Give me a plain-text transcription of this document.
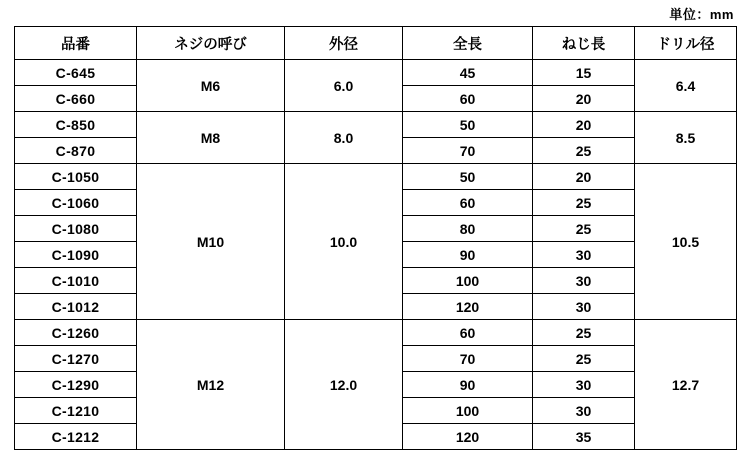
単位：mm
品番	ネジの呼び	外径	全長	ねじ長	ドリル径
C-645	M6	6.0	45	15	6.4
C-660			60	20	
C-850	M8	8.0	50	20	8.5
C-870			70	25	
C-1050	M10	10.0	50	20	10.5
C-1060			60	25	
C-1080			80	25	
C-1090			90	30	
C-1010			100	30	
C-1012			120	30	
C-1260	M12	12.0	60	25	12.7
C-1270			70	25	
C-1290			90	30	
C-1210			100	30	
C-1212			120	35	
